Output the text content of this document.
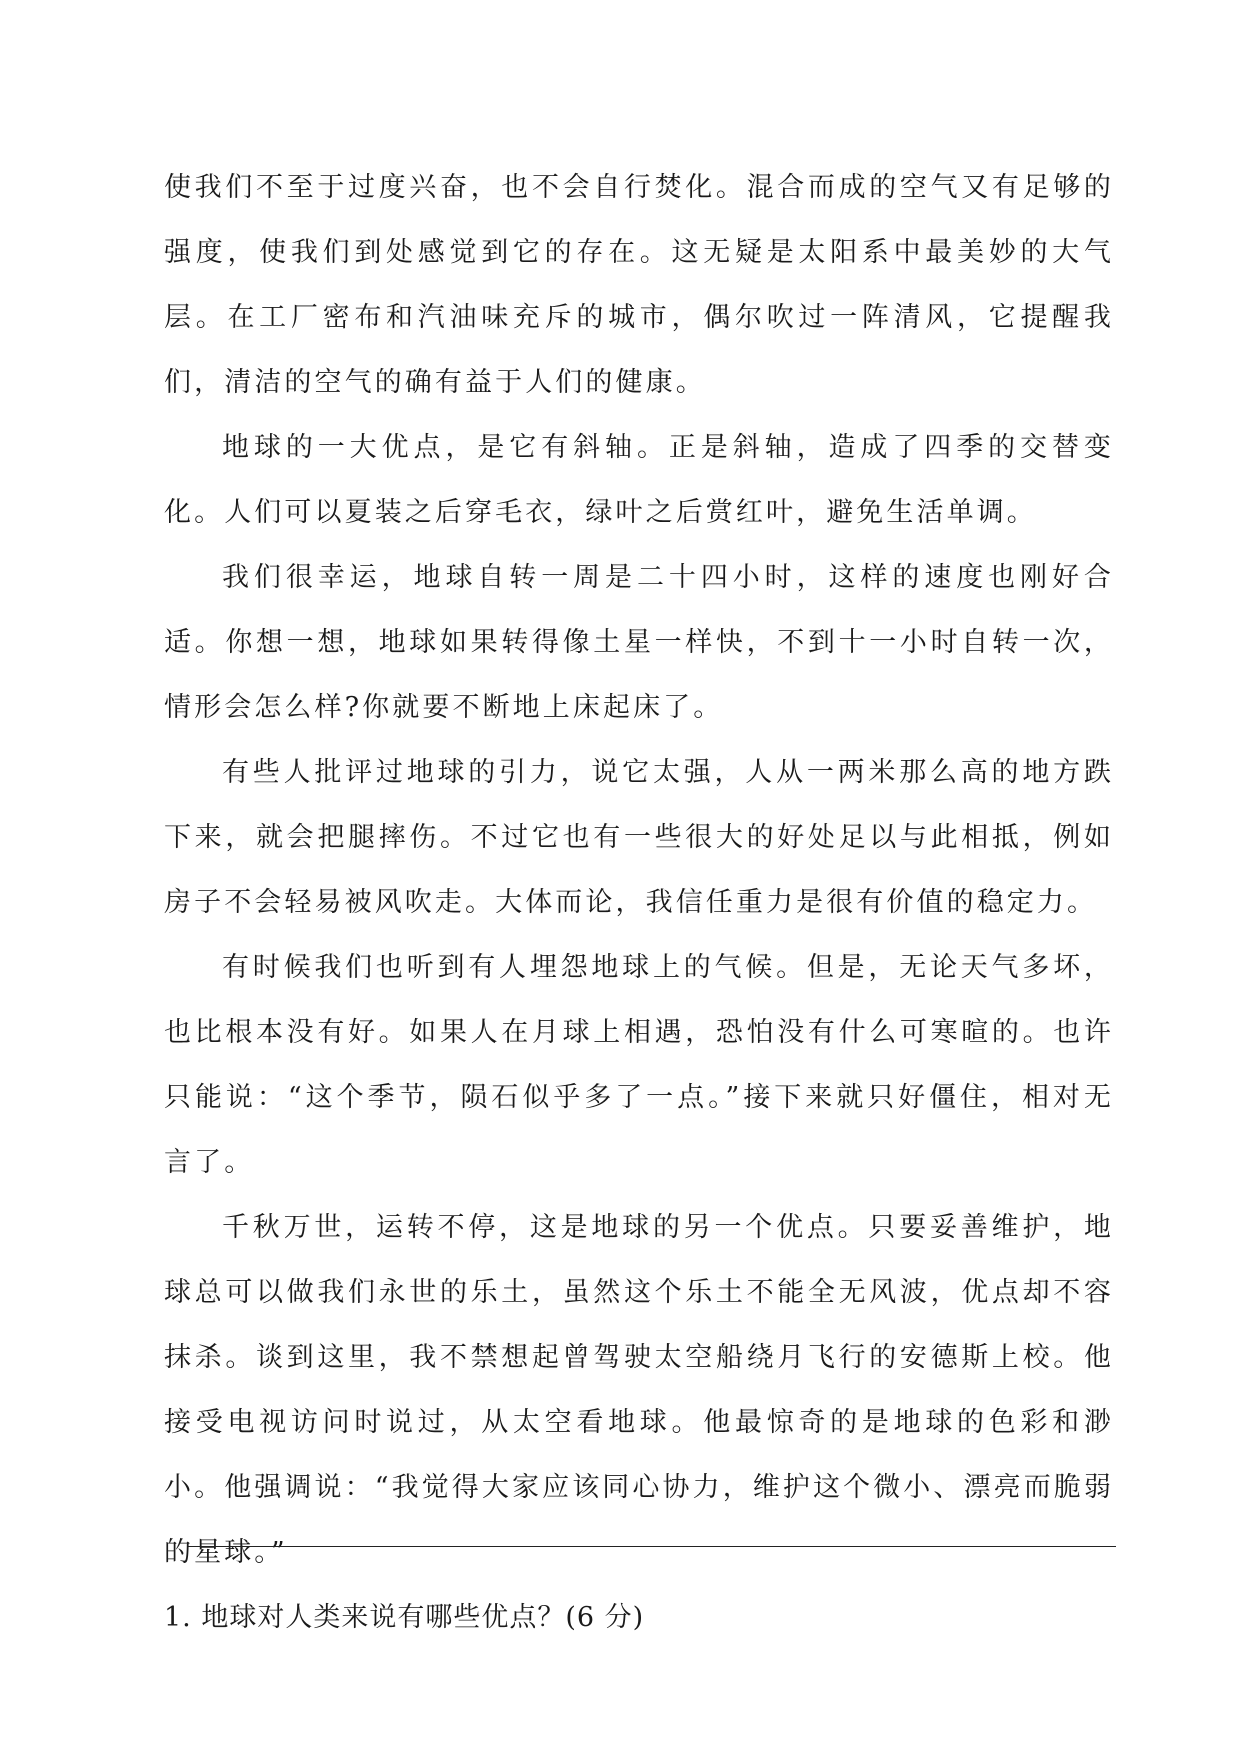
使我们不至于过度兴奋，也不会自行焚化。混合而成的空气又有足够的强度，使我们到处感觉到它的存在。这无疑是太阳系中最美妙的大气层。在工厂密布和汽油味充斥的城市，偶尔吹过一阵清风，它提醒我们，清洁的空气的确有益于人们的健康。

地球的一大优点，是它有斜轴。正是斜轴，造成了四季的交替变化。人们可以夏装之后穿毛衣，绿叶之后赏红叶，避免生活单调。

我们很幸运，地球自转一周是二十四小时，这样的速度也刚好合适。你想一想，地球如果转得像土星一样快，不到十一小时自转一次，情形会怎么样?你就要不断地上床起床了。

有些人批评过地球的引力，说它太强，人从一两米那么高的地方跌下来，就会把腿摔伤。不过它也有一些很大的好处足以与此相抵，例如房子不会轻易被风吹走。大体而论，我信任重力是很有价值的稳定力。

有时候我们也听到有人埋怨地球上的气候。但是，无论天气多坏，也比根本没有好。如果人在月球上相遇，恐怕没有什么可寒暄的。也许只能说：“这个季节，陨石似乎多了一点。”接下来就只好僵住，相对无言了。

千秋万世，运转不停，这是地球的另一个优点。只要妥善维护，地球总可以做我们永世的乐土，虽然这个乐土不能全无风波，优点却不容抹杀。谈到这里，我不禁想起曾驾驶太空船绕月飞行的安德斯上校。他接受电视访问时说过，从太空看地球。他最惊奇的是地球的色彩和渺小。他强调说：“我觉得大家应该同心协力，维护这个微小、漂亮而脆弱的星球。”

1. 地球对人类来说有哪些优点？(6 分)
